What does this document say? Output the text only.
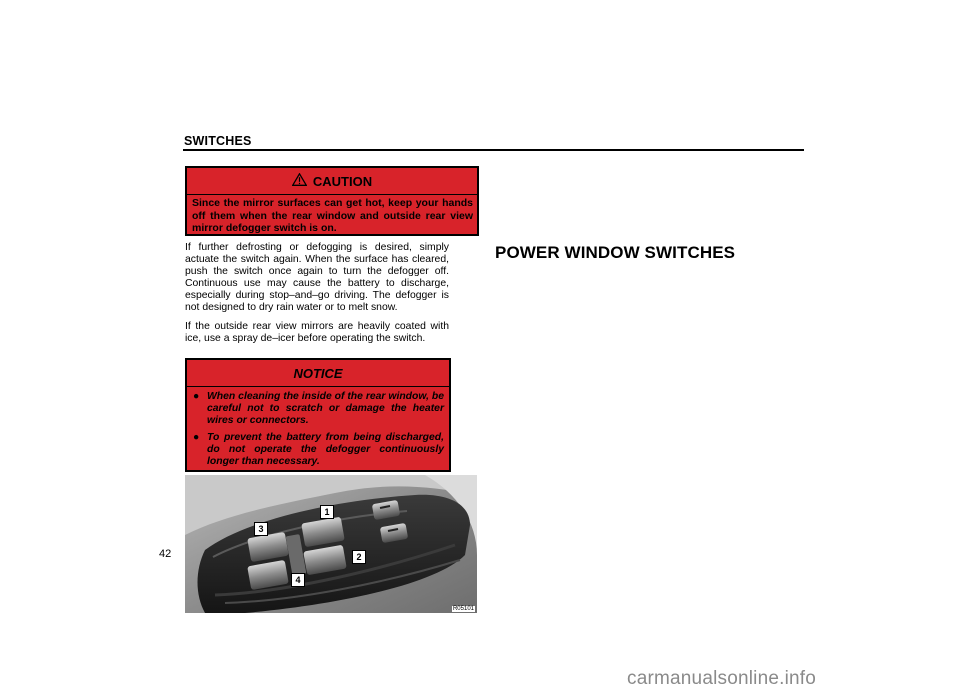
SWITCHES
CAUTION
Since the mirror surfaces can get hot, keep your hands off them when the rear window and outside rear view mirror defogger switch is on.
If further defrosting or defogging is desired, simply actuate the switch again. When the surface has cleared, push the switch once again to turn the defogger off. Continuous use may cause the battery to discharge, especially during stop–and–go driving. The defogger is not designed to dry rain water or to melt snow.
If the outside rear view mirrors are heavily coated with ice, use a spray de–icer before operating the switch.
NOTICE
● When cleaning the inside of the rear window, be careful not to scratch or damage the heater wires or connectors.
● To prevent the battery from being discharged, do not operate the defogger continuously longer than necessary.
1
2
3
4
R05101
POWER WINDOW SWITCHES
42
carmanualsonline.info
